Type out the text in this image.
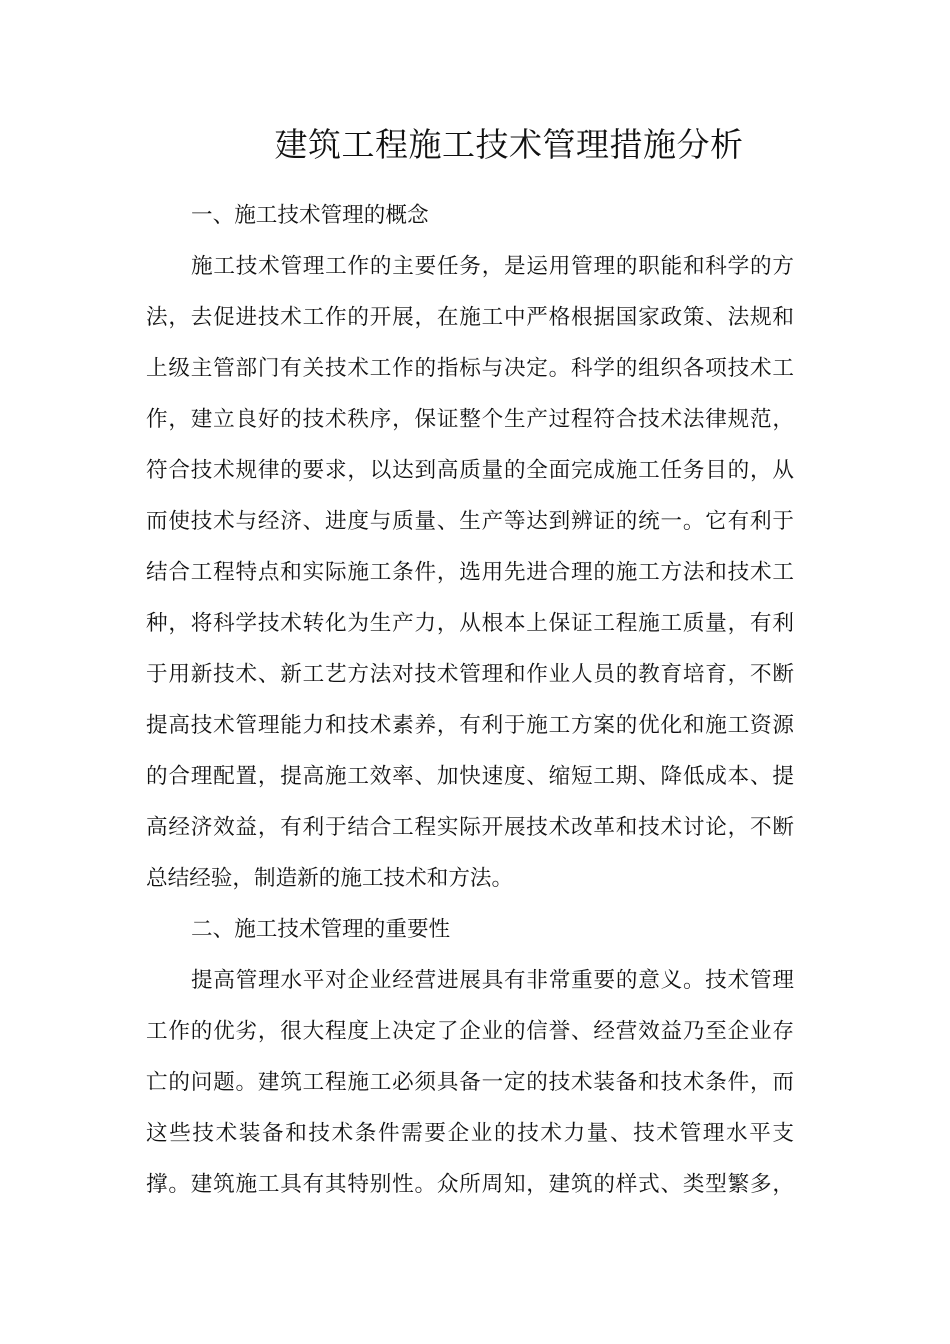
建筑工程施工技术管理措施分析
一、施工技术管理的概念
施工技术管理工作的主要任务，是运用管理的职能和科学的方
法，去促进技术工作的开展，在施工中严格根据国家政策、法规和
上级主管部门有关技术工作的指标与决定。科学的组织各项技术工
作，建立良好的技术秩序，保证整个生产过程符合技术法律规范，
符合技术规律的要求，以达到高质量的全面完成施工任务目的，从
而使技术与经济、进度与质量、生产等达到辨证的统一。它有利于
结合工程特点和实际施工条件，选用先进合理的施工方法和技术工
种，将科学技术转化为生产力，从根本上保证工程施工质量，有利
于用新技术、新工艺方法对技术管理和作业人员的教育培育，不断
提高技术管理能力和技术素养，有利于施工方案的优化和施工资源
的合理配置，提高施工效率、加快速度、缩短工期、降低成本、提
高经济效益，有利于结合工程实际开展技术改革和技术讨论，不断
总结经验，制造新的施工技术和方法。
二、施工技术管理的重要性
提高管理水平对企业经营进展具有非常重要的意义。技术管理
工作的优劣，很大程度上决定了企业的信誉、经营效益乃至企业存
亡的问题。建筑工程施工必须具备一定的技术装备和技术条件，而
这些技术装备和技术条件需要企业的技术力量、技术管理水平支
撑。建筑施工具有其特别性。众所周知，建筑的样式、类型繁多，
